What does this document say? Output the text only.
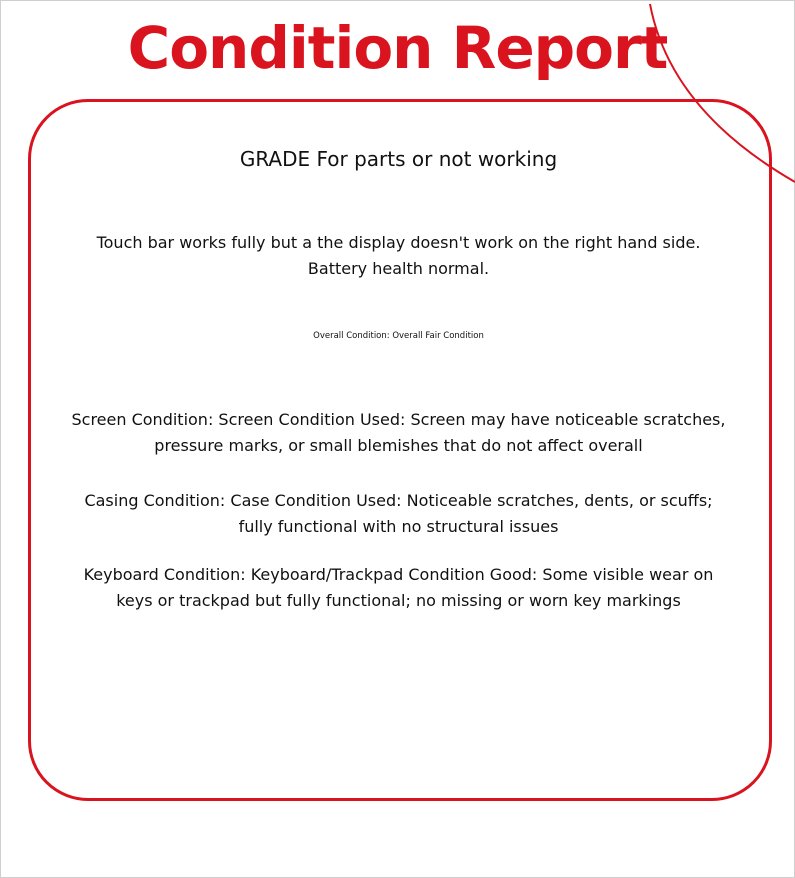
Condition Report
GRADE For parts or not working
Touch bar works fully but a the display doesn't work on the right hand side.
Battery health normal.
Overall Condition: Overall Fair Condition
Screen Condition: Screen Condition Used: Screen may have noticeable scratches, pressure marks, or small blemishes that do not affect overall
Casing Condition: Case Condition Used: Noticeable scratches, dents, or scuffs; fully functional with no structural issues
Keyboard Condition: Keyboard/Trackpad Condition Good: Some visible wear on keys or trackpad but fully functional; no missing or worn key markings
